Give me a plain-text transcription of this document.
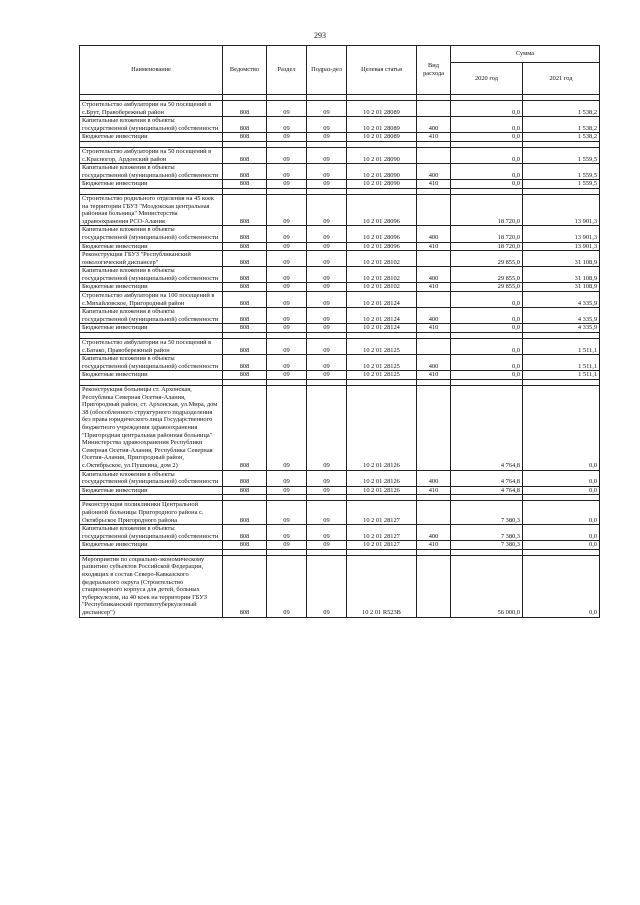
293
Наименование	Ведомство	Раздел	Подраз-дел	Целевая статья	Вид расхода	Сумма	
						2020 год	2021 год

Строительство амбулатории на 50 посещений в с.Брут, Правобережный район	808	09	09	10 2 01 28089		0,0	1 538,2
Капитальные вложения в объекты государственной (муниципальной) собственности	808	09	09	10 2 01 28089	400	0,0	1 538,2
Бюджетные инвестиции	808	09	09	10 2 01 28089	410	0,0	1 538,2

Строительство амбулатории на 50 посещений в с.Красногор, Ардонский район	808	09	09	10 2 01 28090		0,0	1 559,5
Капитальные вложения в объекты государственной (муниципальной) собственности	808	09	09	10 2 01 28090	400	0,0	1 559,5
Бюджетные инвестиции	808	09	09	10 2 01 28090	410	0,0	1 559,5

Строительство родильного отделения на 45 коек на территории ГБУЗ "Моздокская центральная районная больница" Министерства здравоохранения РСО-Алания	808	09	09	10 2 01 28096		18 720,0	13 901,3
Капитальные вложения в объекты государственной (муниципальной) собственности	808	09	09	10 2 01 28096	400	18 720,0	13 901,3
Бюджетные инвестиции	808	09	09	10 2 01 28096	410	18 720,0	13 901,3
Реконструкция ГБУЗ "Республиканский онкологический диспансер"	808	09	09	10 2 01 28102		29 855,0	31 108,9
Капитальные вложения в объекты государственной (муниципальной) собственности	808	09	09	10 2 01 28102	400	29 855,0	31 108,9
Бюджетные инвестиции	808	09	09	10 2 01 28102	410	29 855,0	31 108,9
Строительство амбулатории на 100 посещений в с.Михайловское, Пригородный район	808	09	09	10 2 01 28124		0,0	4 335,9
Капитальные вложения в объекты государственной (муниципальной) собственности	808	09	09	10 2 01 28124	400	0,0	4 335,9
Бюджетные инвестиции	808	09	09	10 2 01 28124	410	0,0	4 335,9

Строительство амбулатории на 50 посещений в с.Батако, Правобережный район	808	09	09	10 2 01 28125		0,0	1 511,1
Капитальные вложения в объекты государственной (муниципальной) собственности	808	09	09	10 2 01 28125	400	0,0	1 511,1
Бюджетные инвестиции	808	09	09	10 2 01 28125	410	0,0	1 511,1

Реконструкция больницы ст. Архонская, Республика Северная Осетия-Алания, Пригородный район, ст. Архонская, ул.Мира, дом 38 (обособленного структурного подразделения без права юридического лица Государственного бюджетного учреждения здравоохранения "Пригородная центральная районная больница" Министерства здравоохранения Республики Северная Осетия-Алания, Республика Северная Осетия-Алания, Пригородный район, с.Октябрьское, ул.Пушкина, дом 2)	808	09	09	10 2 01 28126		4 764,8	0,0
Капитальные вложения в объекты государственной (муниципальной) собственности	808	09	09	10 2 01 28126	400	4 764,8	0,0
Бюджетные инвестиции	808	09	09	10 2 01 28126	410	4 764,8	0,0

Реконструкция поликлиники Центральной районной больницы Пригородного района с. Октябрьское Пригородного района	808	09	09	10 2 01 28127		7 380,3	0,0
Капитальные вложения в объекты государственной (муниципальной) собственности	808	09	09	10 2 01 28127	400	7 380,3	0,0
Бюджетные инвестиции	808	09	09	10 2 01 28127	410	7 380,3	0,0

Мероприятия по социально-экономическому развитию субъектов Российской Федерации, входящих в состав Северо-Кавказского федерального округа (Строительство стационарного корпуса для детей, больных туберкулезом, на 40 коек на территории ГБУЗ "Республиканский противотуберкулезный диспансер")	808	09	09	10 2 01 R523B		56 000,0	0,0
